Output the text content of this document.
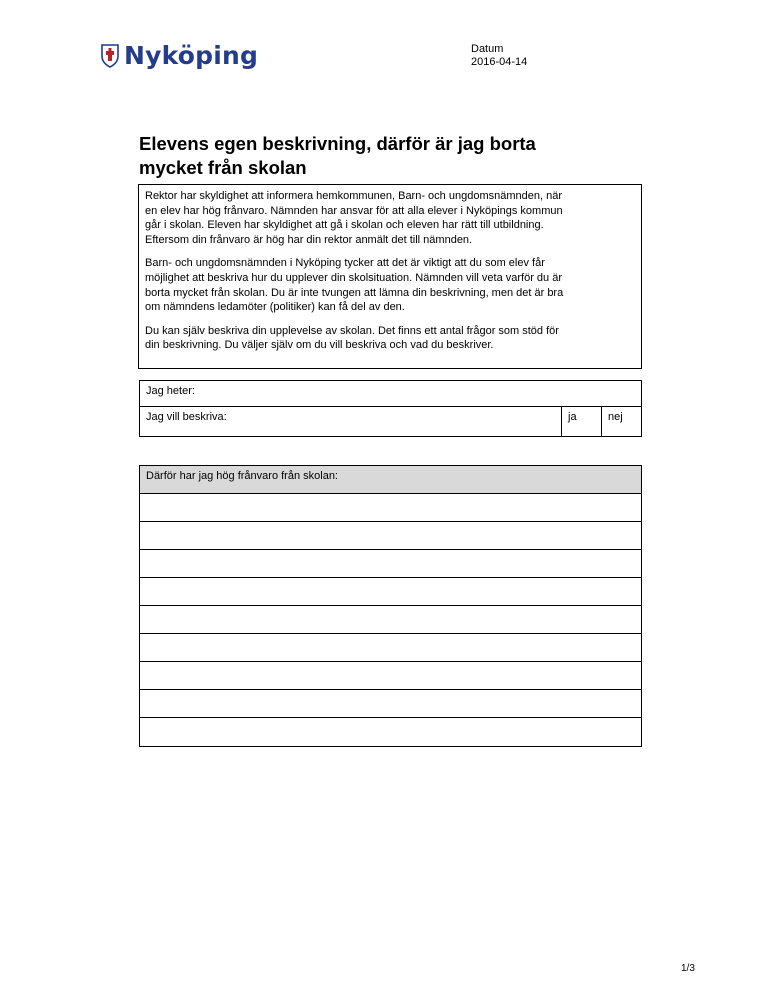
Nyköping	Datum
2016-04-14
Elevens egen beskrivning, därför är jag borta
mycket från skolan

Rektor har skyldighet att informera hemkommunen, Barn- och ungdomsnämnden, när
en elev har hög frånvaro. Nämnden har ansvar för att alla elever i Nyköpings kommun
går i skolan. Eleven har skyldighet att gå i skolan och eleven har rätt till utbildning.
Eftersom din frånvaro är hög har din rektor anmält det till nämnden.

Barn- och ungdomsnämnden i Nyköping tycker att det är viktigt att du som elev får
möjlighet att beskriva hur du upplever din skolsituation. Nämnden vill veta varför du är
borta mycket från skolan. Du är inte tvungen att lämna din beskrivning, men det är bra
om nämndens ledamöter (politiker) kan få del av den.

Du kan själv beskriva din upplevelse av skolan. Det finns ett antal frågor som stöd för
din beskrivning. Du väljer själv om du vill beskriva och vad du beskriver.

Jag heter:
Jag vill beskriva:	ja	nej
Därför har jag hög frånvaro från skolan:
1/3
